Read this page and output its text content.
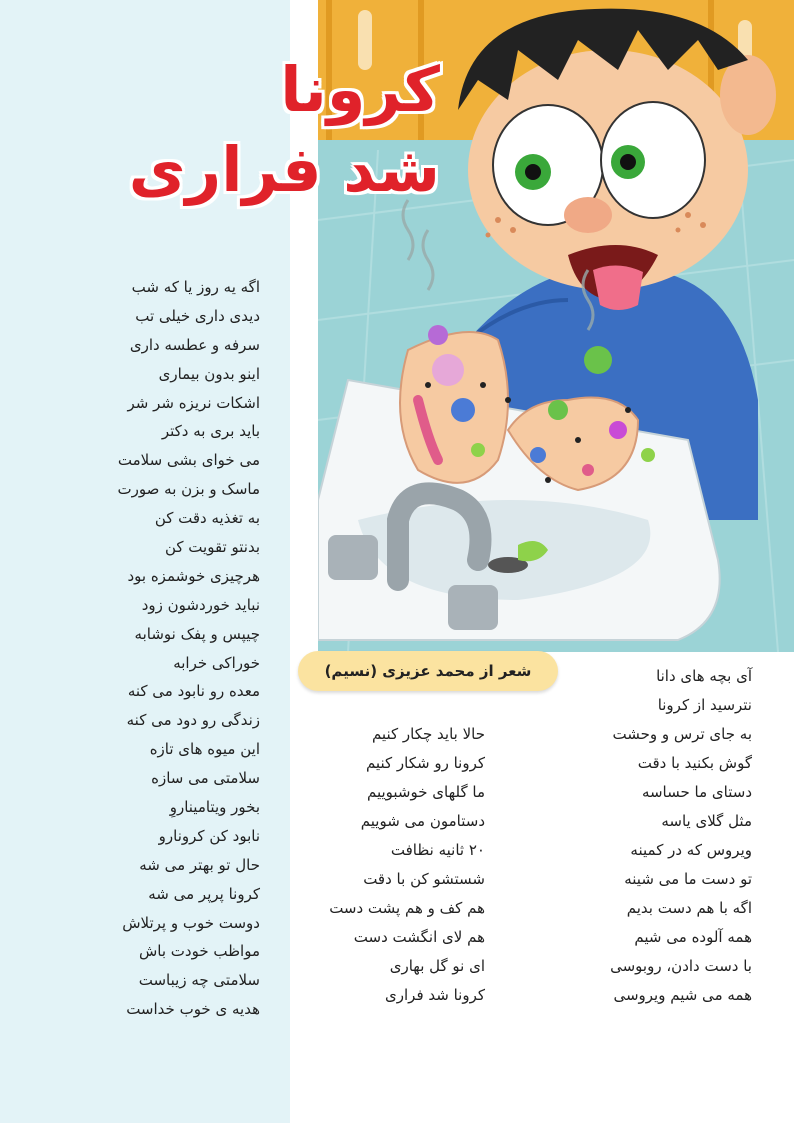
کرونا
شد فراری
شعر از محمد عزیزی (نسیم)
اگه یه روز یا که شب
دیدی داری خیلی تب
سرفه و عطسه داری
اینو بدون بیماری
اشکات نریزه شر شر
باید بری به دکتر
می خوای بشی سلامت
ماسک و بزن به صورت
به تغذیه دقت کن
بدنتو تقویت کن
هرچیزی خوشمزه بود
نباید خوردشون زود
چیپس و پفک نوشابه
خوراکی خرابه
معده رو نابود می کنه
زندگی رو دود می کنه
این میوه های تازه
سلامتی می سازه
بخور ویتامیناروِ
نابود کن کرونارو
حال تو بهتر می شه
کرونا پرپر می شه
دوست خوب و پرتلاش
مواظب خودت باش
سلامتی چه زیباست
هدیه ی خوب خداست
حالا باید چکار کنیم
کرونا رو شکار کنیم
ما گلهای خوشبوییم
دستامون می شوییم
۲۰ ثانیه نظافت
شستشو کن با دقت
هم کف و هم پشت دست
هم لای انگشت دست
ای نو گل بهاری
کرونا شد فراری
آی بچه های دانا
نترسید از کرونا
به جای ترس و وحشت
گوش بکنید با دقت
دستای ما حساسه
مثل گلای یاسه
ویروس که در کمینه
تو دست ما می شینه
اگه با هم دست بدیم
همه آلوده می شیم
با دست دادن، روبوسی
همه می شیم ویروسی
